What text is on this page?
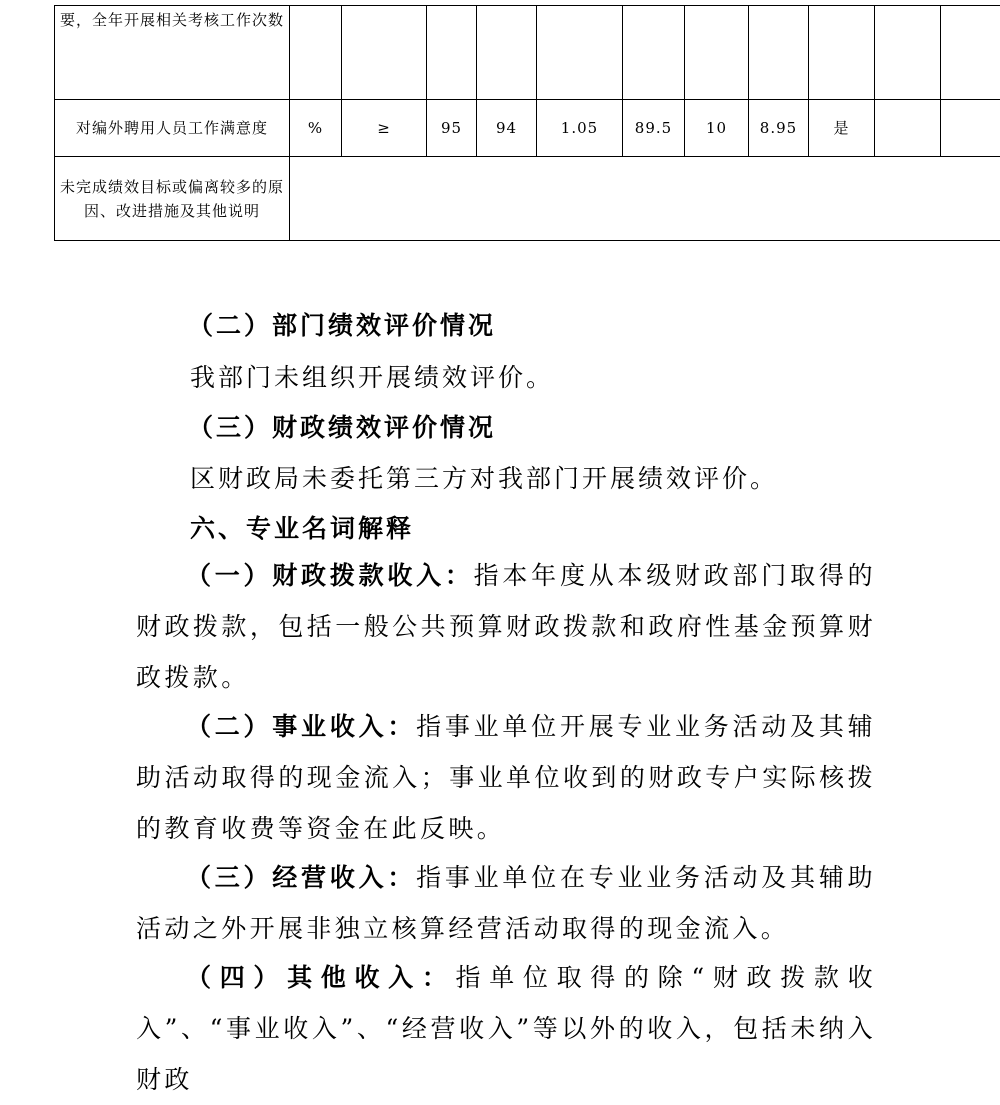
要，全年开展相关考核工作次数											
对编外聘用人员工作满意度	%	≥	95	94	1.05	89.5	10	8.95	是		
未完成绩效目标或偏离较多的原因、改进措施及其他说明											
（二）部门绩效评价情况
我部门未组织开展绩效评价。
（三）财政绩效评价情况
区财政局未委托第三方对我部门开展绩效评价。
六、专业名词解释
（一）财政拨款收入：指本年度从本级财政部门取得的财政拨款，包括一般公共预算财政拨款和政府性基金预算财政拨款。
（二）事业收入：指事业单位开展专业业务活动及其辅助活动取得的现金流入；事业单位收到的财政专户实际核拨的教育收费等资金在此反映。
（三）经营收入：指事业单位在专业业务活动及其辅助活动之外开展非独立核算经营活动取得的现金流入。
（四）其他收入：指单位取得的除“财政拨款收入”、“事业收入”、“经营收入”等以外的收入，包括未纳入财政
